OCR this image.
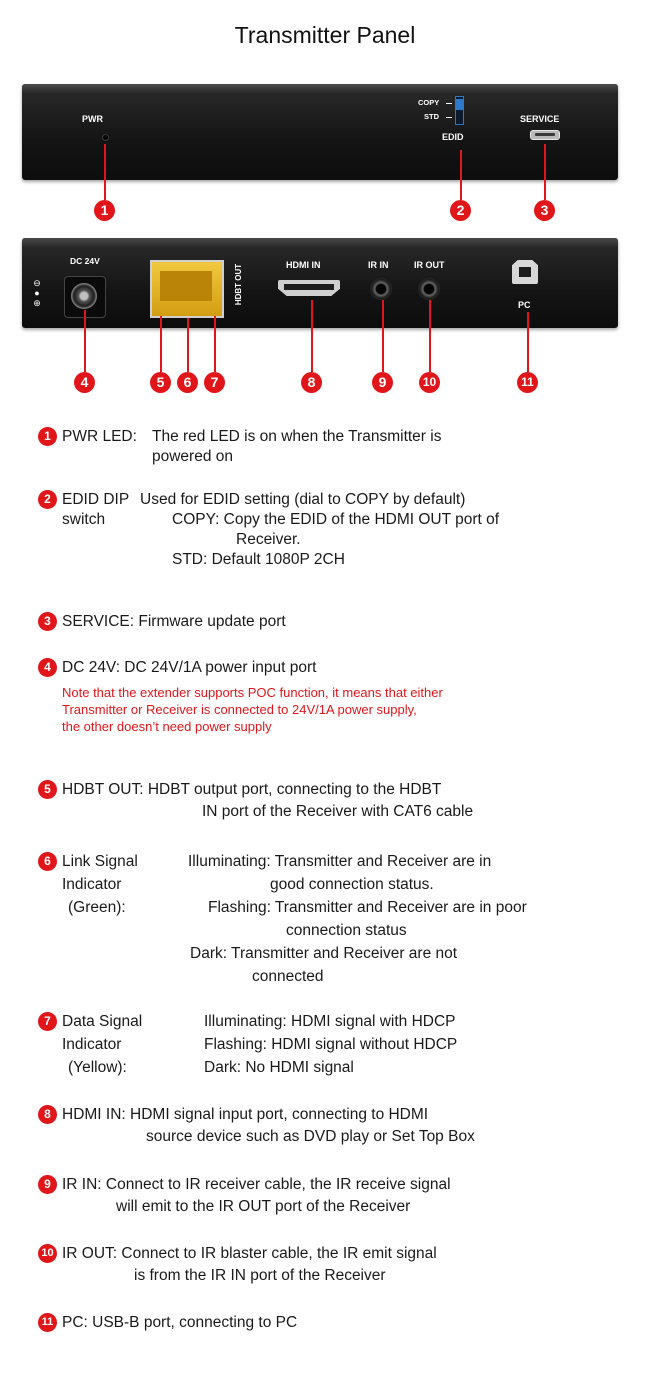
Transmitter Panel
PWR
COPY
STD
EDID
SERVICE
1	2	3
DC 24V
⊖
●
⊕	HDBT OUT	HDMI IN	IR IN	IR OUT
PC
4	5	6	7	8	9	10	11
1 PWR LED: The red LED is on when the Transmitter is
powered on
2 EDID DIP
switch
Used for EDID setting (dial to COPY by default)
COPY: Copy the EDID of the HDMI OUT port of
Receiver.
STD: Default 1080P 2CH
3 SERVICE: Firmware update port
4 DC 24V: DC 24V/1A power input port
Note that the extender supports POC function, it means that either
Transmitter or Receiver is connected to 24V/1A power supply,
the other doesn’t need power supply
5 HDBT OUT: HDBT output port, connecting to the HDBT
IN port of the Receiver with CAT6 cable
6 Link Signal
Indicator
(Green):
Illuminating: Transmitter and Receiver are in
good connection status.
Flashing: Transmitter and Receiver are in poor
connection status
Dark: Transmitter and Receiver are not
connected
7 Data Signal
Indicator
(Yellow):
Illuminating: HDMI signal with HDCP
Flashing: HDMI signal without HDCP
Dark: No HDMI signal
8 HDMI IN: HDMI signal input port, connecting to HDMI
source device such as DVD play or Set Top Box
9 IR IN: Connect to IR receiver cable, the IR receive signal
will emit to the IR OUT port of the Receiver
10 IR OUT: Connect to IR blaster cable, the IR emit signal
is from the IR IN port of the Receiver
11 PC: USB-B port, connecting to PC
